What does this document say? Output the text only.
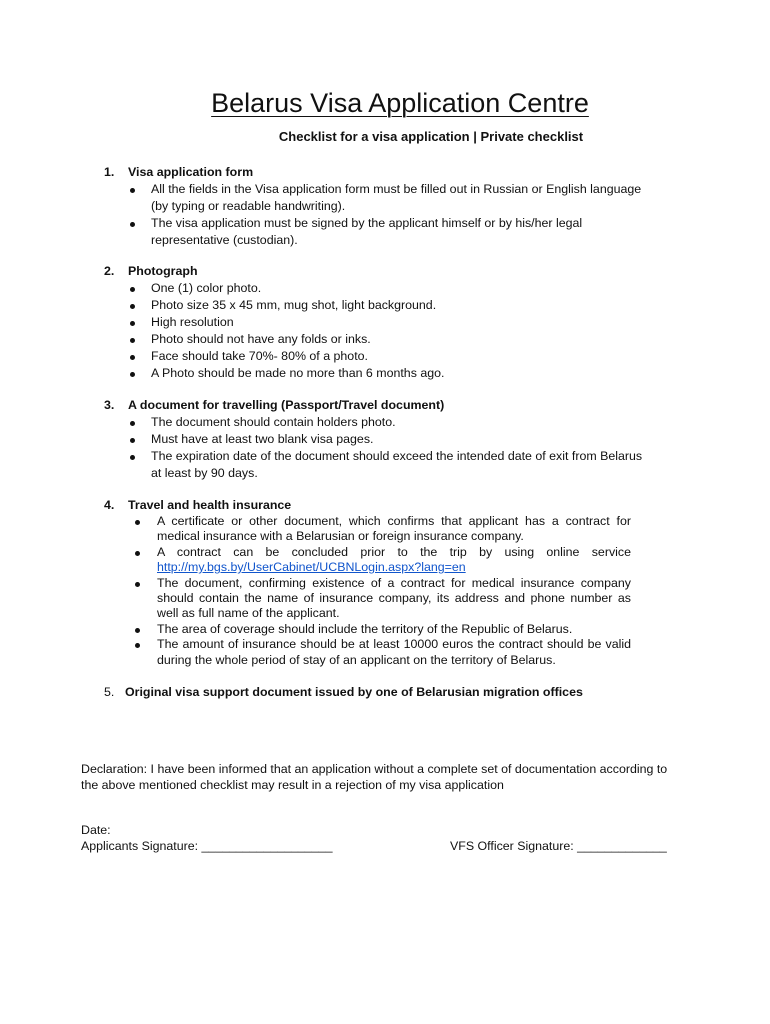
Belarus Visa Application Centre
Checklist for a visa application | Private checklist
1. Visa application form
All the fields in the Visa application form must be filled out in Russian or English language (by typing or readable handwriting).
The visa application must be signed by the applicant himself or by his/her legal representative (custodian).
2. Photograph
One (1) color photo.
Photo size 35 x 45 mm, mug shot, light background.
High resolution
Photo should not have any folds or inks.
Face should take 70%- 80% of a photo.
A Photo should be made no more than 6 months ago.
3. A document for travelling (Passport/Travel document)
The document should contain holders photo.
Must have at least two blank visa pages.
The expiration date of the document should exceed the intended date of exit from Belarus at least by 90 days.
4. Travel and health insurance
A certificate or other document, which confirms that applicant has a contract for medical insurance with a Belarusian or foreign insurance company.
A contract can be concluded prior to the trip by using online service http://my.bgs.by/UserCabinet/UCBNLogin.aspx?lang=en
The document, confirming existence of a contract for medical insurance company should contain the name of insurance company, its address and phone number as well as full name of the applicant.
The area of coverage should include the territory of the Republic of Belarus.
The amount of insurance should be at least 10000 euros the contract should be valid during the whole period of stay of an applicant on the territory of Belarus.
5. Original visa support document issued by one of Belarusian migration offices
Declaration: I have been informed that an application without a complete set of documentation according to the above mentioned checklist may result in a rejection of my visa application
Date:
Applicants Signature: ___________________	VFS Officer Signature: _____________
